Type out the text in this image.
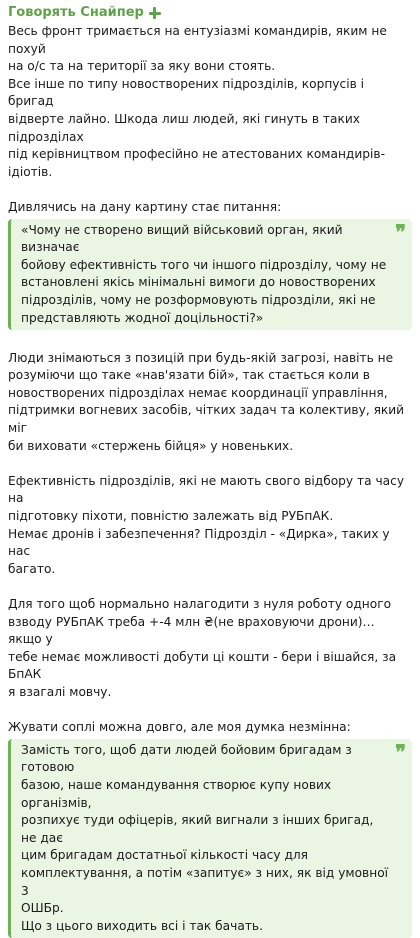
Говорять Снайпер

Весь фронт тримається на ентузіазмі командирів, яким не похуй
на о/с та на території за яку вони стоять.
Все інше по типу новостворених підрозділів, корпусів і бригад
відверте лайно. Шкода лиш людей, які гинуть в таких підрозділах
під керівництвом професійно не атестованих командирів-ідіотів.

Дивлячись на дану картину стає питання:

«Чому не створено вищий військовий орган, який визначає
бойову ефективність того чи іншого підрозділу, чому не
встановлені якісь мінімальні вимоги до новостворених
підрозділів, чому не розформовують підрозділи, які не
представляють жодної доцільності?»

❞

Люди знімаються з позицій при будь-якій загрозі, навіть не
розуміючи що таке «нав'язати бій», так стається коли в
новостворених підрозділах немає координації управління,
підтримки вогневих засобів, чітких задач та колективу, який міг
би виховати «стержень бійця» у новеньких.

Ефективність підрозділів, які не мають свого відбору та часу на
підготовку піхоти, повністю залежать від РУБпАК.
Немає дронів і забезпечення? Підрозділ - «Дирка», таких у нас
багато.

Для того щоб нормально налагодити з нуля роботу одного
взводу РУБпАК треба +-4 млн ₴(не враховуючи дрони)… якщо у
тебе немає можливості добути ці кошти - бери і вішайся, за БпАК
я взагалі мовчу.

Жувати соплі можна довго, але моя думка незмінна:

Замість того, щоб дати людей бойовим бригадам з готовою
базою, наше командування створює купу нових організмів,
розпихує туди офіцерів, який вигнали з інших бригад, не дає
цим бригадам достатньої кількості часу для
комплектування, а потім «запитує» з них, як від умовної 3
ОШБр.
Що з цього виходить всі і так бачать.

❞
